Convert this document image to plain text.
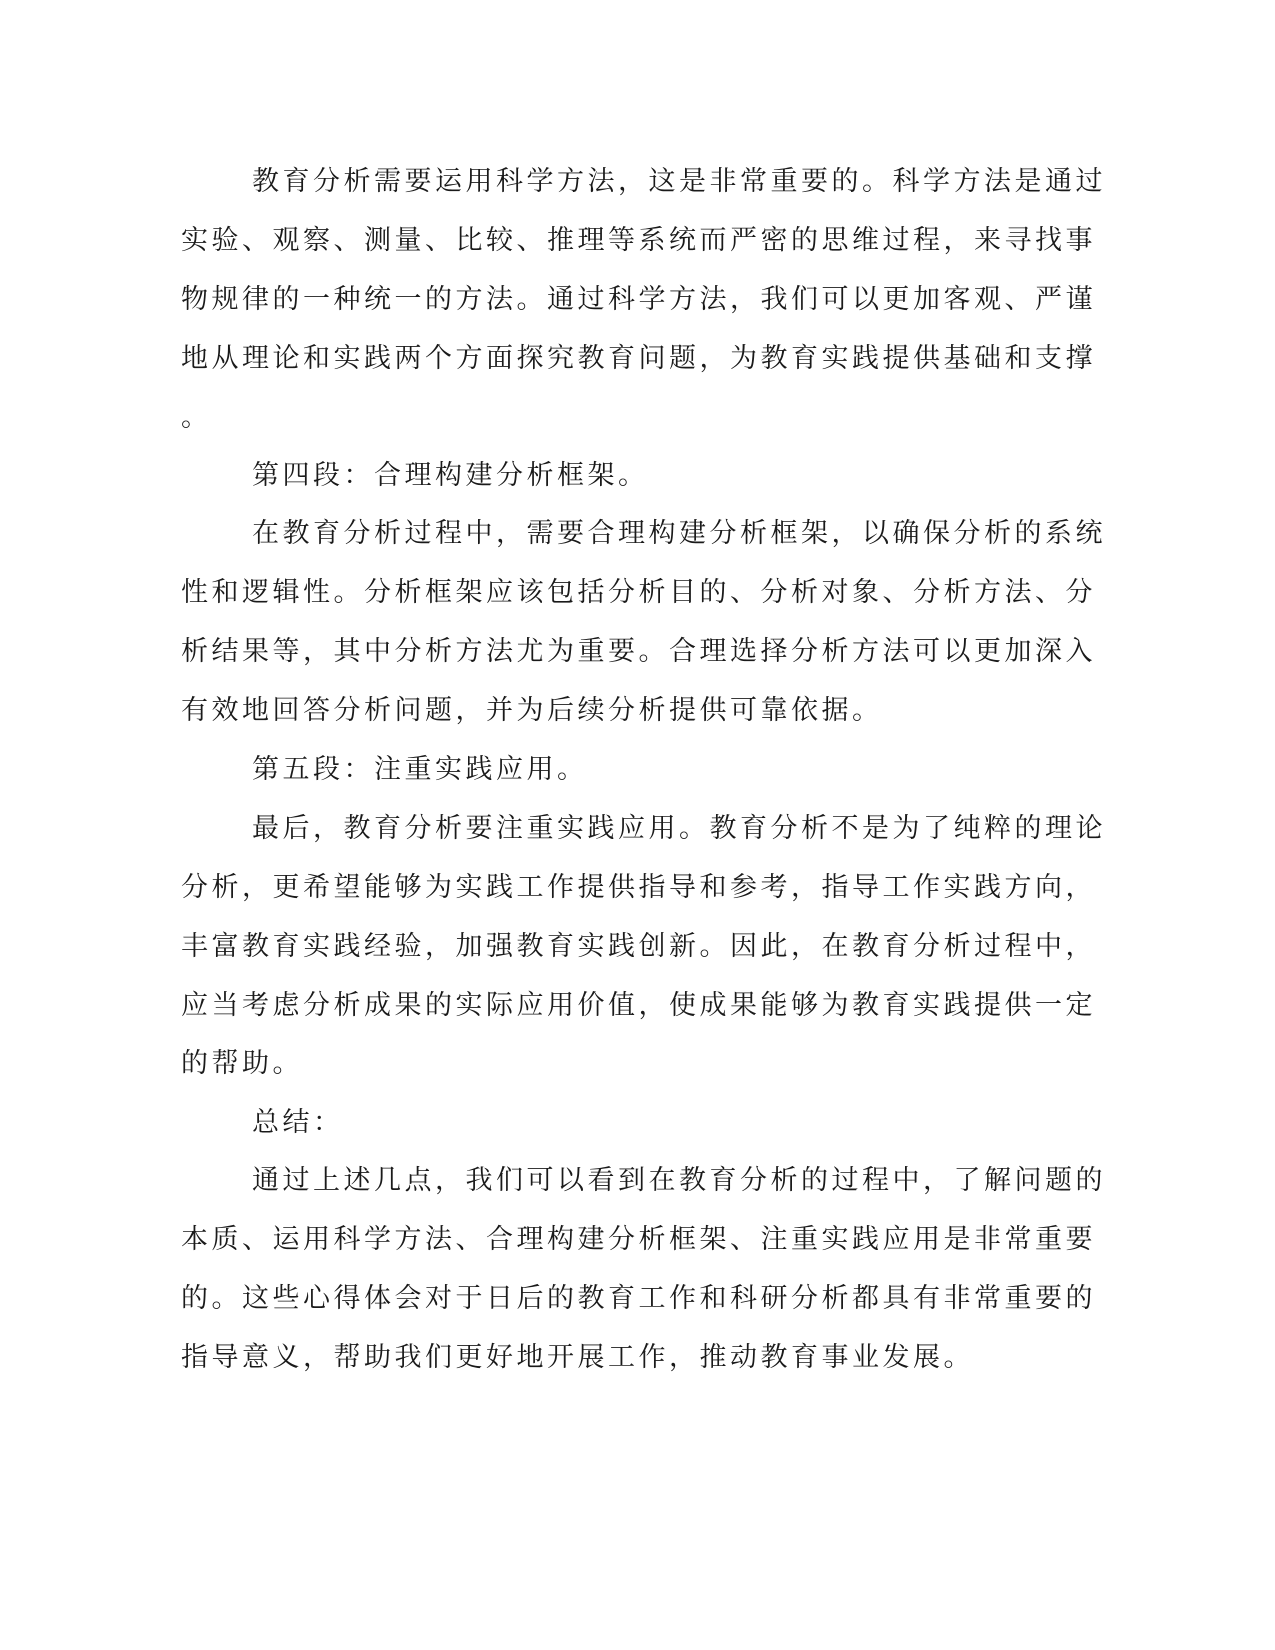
教育分析需要运用科学方法，这是非常重要的。科学方法是通过
实验、观察、测量、比较、推理等系统而严密的思维过程，来寻找事
物规律的一种统一的方法。通过科学方法，我们可以更加客观、严谨
地从理论和实践两个方面探究教育问题，为教育实践提供基础和支撑
。
第四段：合理构建分析框架。
在教育分析过程中，需要合理构建分析框架，以确保分析的系统
性和逻辑性。分析框架应该包括分析目的、分析对象、分析方法、分
析结果等，其中分析方法尤为重要。合理选择分析方法可以更加深入
有效地回答分析问题，并为后续分析提供可靠依据。
第五段：注重实践应用。
最后，教育分析要注重实践应用。教育分析不是为了纯粹的理论
分析，更希望能够为实践工作提供指导和参考，指导工作实践方向，
丰富教育实践经验，加强教育实践创新。因此，在教育分析过程中，
应当考虑分析成果的实际应用价值，使成果能够为教育实践提供一定
的帮助。
总结：
通过上述几点，我们可以看到在教育分析的过程中，了解问题的
本质、运用科学方法、合理构建分析框架、注重实践应用是非常重要
的。这些心得体会对于日后的教育工作和科研分析都具有非常重要的
指导意义，帮助我们更好地开展工作，推动教育事业发展。
